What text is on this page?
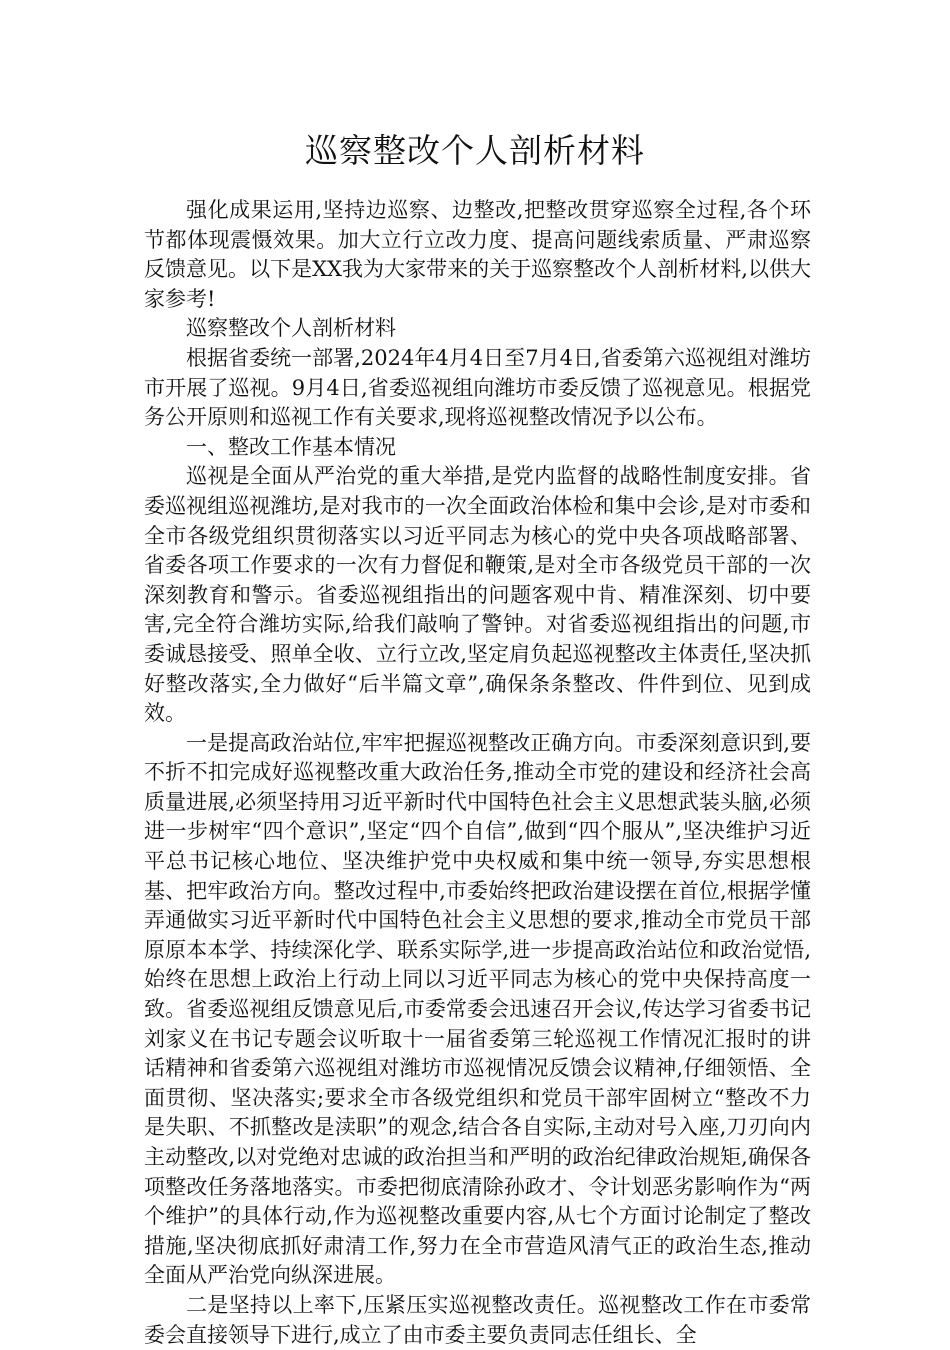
巡察整改个人剖析材料

强化成果运用,坚持边巡察、边整改,把整改贯穿巡察全过程,各个环节都体现震慑效果。加大立行立改力度、提高问题线索质量、严肃巡察反馈意见。以下是XX我为大家带来的关于巡察整改个人剖析材料,以供大家参考!

巡察整改个人剖析材料

根据省委统一部署,2024年4月4日至7月4日,省委第六巡视组对潍坊市开展了巡视。9月4日,省委巡视组向潍坊市委反馈了巡视意见。根据党务公开原则和巡视工作有关要求,现将巡视整改情况予以公布。

一、整改工作基本情况

巡视是全面从严治党的重大举措,是党内监督的战略性制度安排。省委巡视组巡视潍坊,是对我市的一次全面政治体检和集中会诊,是对市委和全市各级党组织贯彻落实以习近平同志为核心的党中央各项战略部署、省委各项工作要求的一次有力督促和鞭策,是对全市各级党员干部的一次深刻教育和警示。省委巡视组指出的问题客观中肯、精准深刻、切中要害,完全符合潍坊实际,给我们敲响了警钟。对省委巡视组指出的问题,市委诚恳接受、照单全收、立行立改,坚定肩负起巡视整改主体责任,坚决抓好整改落实,全力做好“后半篇文章”,确保条条整改、件件到位、见到成效。

一是提高政治站位,牢牢把握巡视整改正确方向。市委深刻意识到,要不折不扣完成好巡视整改重大政治任务,推动全市党的建设和经济社会高质量进展,必须坚持用习近平新时代中国特色社会主义思想武装头脑,必须进一步树牢“四个意识”,坚定“四个自信”,做到“四个服从”,坚决维护习近平总书记核心地位、坚决维护党中央权威和集中统一领导,夯实思想根基、把牢政治方向。整改过程中,市委始终把政治建设摆在首位,根据学懂弄通做实习近平新时代中国特色社会主义思想的要求,推动全市党员干部原原本本学、持续深化学、联系实际学,进一步提高政治站位和政治觉悟,始终在思想上政治上行动上同以习近平同志为核心的党中央保持高度一致。省委巡视组反馈意见后,市委常委会迅速召开会议,传达学习省委书记刘家义在书记专题会议听取十一届省委第三轮巡视工作情况汇报时的讲话精神和省委第六巡视组对潍坊市巡视情况反馈会议精神,仔细领悟、全面贯彻、坚决落实;要求全市各级党组织和党员干部牢固树立“整改不力是失职、不抓整改是渎职”的观念,结合各自实际,主动对号入座,刀刃向内主动整改,以对党绝对忠诚的政治担当和严明的政治纪律政治规矩,确保各项整改任务落地落实。市委把彻底清除孙政才、令计划恶劣影响作为“两个维护”的具体行动,作为巡视整改重要内容,从七个方面讨论制定了整改措施,坚决彻底抓好肃清工作,努力在全市营造风清气正的政治生态,推动全面从严治党向纵深进展。

二是坚持以上率下,压紧压实巡视整改责任。巡视整改工作在市委常委会直接领导下进行,成立了由市委主要负责同志任组长、全
